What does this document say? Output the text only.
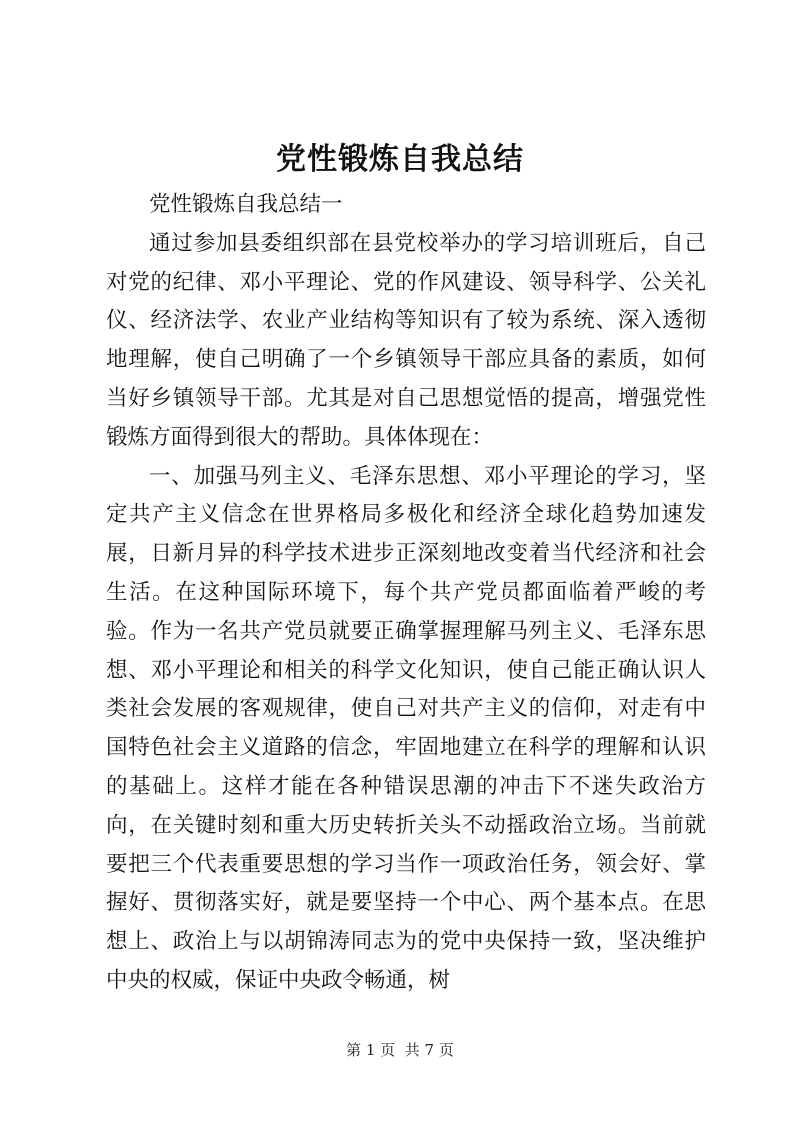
党性锻炼自我总结

党性锻炼自我总结一

通过参加县委组织部在县党校举办的学习培训班后，自己对党的纪律、邓小平理论、党的作风建设、领导科学、公关礼仪、经济法学、农业产业结构等知识有了较为系统、深入透彻地理解，使自己明确了一个乡镇领导干部应具备的素质，如何当好乡镇领导干部。尤其是对自己思想觉悟的提高，增强党性锻炼方面得到很大的帮助。具体体现在：

一、加强马列主义、毛泽东思想、邓小平理论的学习，坚定共产主义信念在世界格局多极化和经济全球化趋势加速发展，日新月异的科学技术进步正深刻地改变着当代经济和社会生活。在这种国际环境下，每个共产党员都面临着严峻的考验。作为一名共产党员就要正确掌握理解马列主义、毛泽东思想、邓小平理论和相关的科学文化知识，使自己能正确认识人类社会发展的客观规律，使自己对共产主义的信仰，对走有中国特色社会主义道路的信念，牢固地建立在科学的理解和认识的基础上。这样才能在各种错误思潮的冲击下不迷失政治方向，在关键时刻和重大历史转折关头不动摇政治立场。当前就要把三个代表重要思想的学习当作一项政治任务，领会好、掌握好、贯彻落实好，就是要坚持一个中心、两个基本点。在思想上、政治上与以胡锦涛同志为的党中央保持一致，坚决维护中央的权威，保证中央政令畅通，树

第 1 页  共 7 页
